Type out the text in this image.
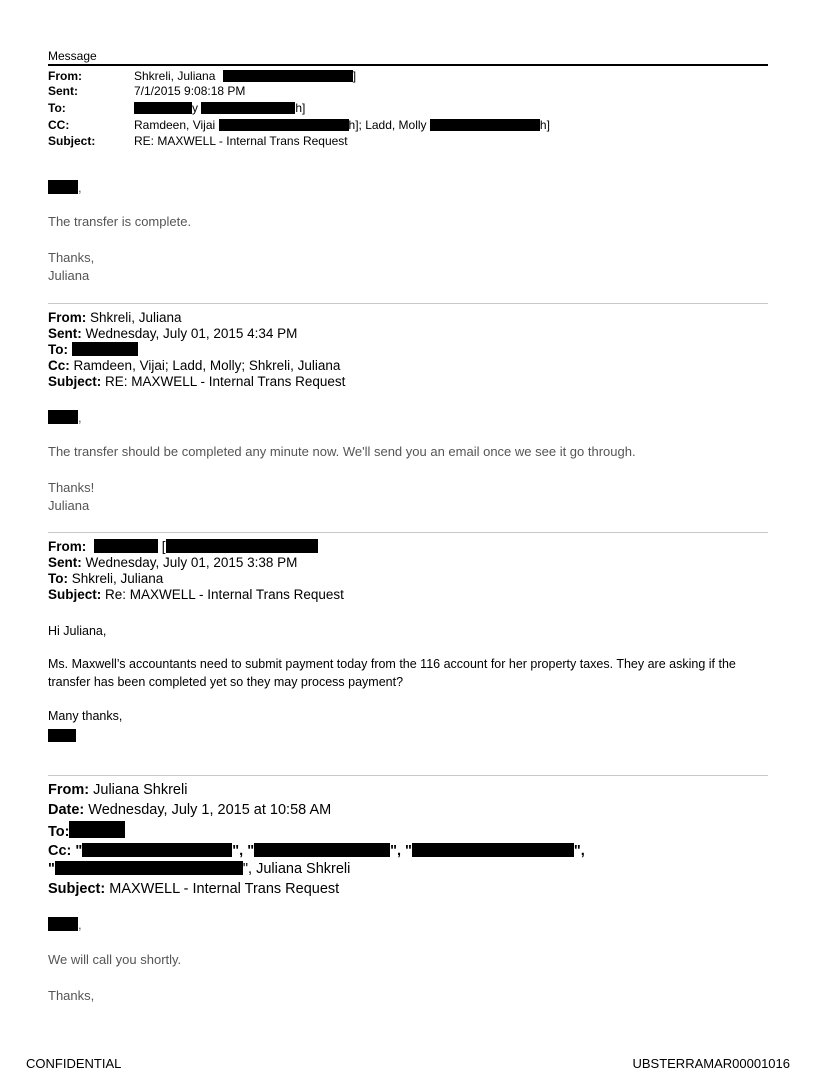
Message
From:	Shkreli, Juliana	]
Sent:	7/1/2015 9:08:18 PM
To:	y	h]
CC:	Ramdeen, Vijai	h]; Ladd, Molly	h]
Subject:	RE: MAXWELL - Internal Trans Request
,
The transfer is complete.
Thanks,
Juliana
From: Shkreli, Juliana
Sent: Wednesday, July 01, 2015 4:34 PM
To:
Cc: Ramdeen, Vijai; Ladd, Molly; Shkreli, Juliana
Subject: RE: MAXWELL - Internal Trans Request
,
The transfer should be completed any minute now. We'll send you an email once we see it go through.
Thanks!
Juliana
From:	[
Sent: Wednesday, July 01, 2015 3:38 PM
To: Shkreli, Juliana
Subject: Re: MAXWELL - Internal Trans Request
Hi Juliana,
Ms. Maxwell’s accountants need to submit payment today from the 116 account for her property taxes. They are asking if the
transfer has been completed yet so they may process payment?
Many thanks,
From: Juliana Shkreli
Date: Wednesday, July 1, 2015 at 10:58 AM
To:
Cc: "	", "	", "	",
"	", Juliana Shkreli
Subject: MAXWELL - Internal Trans Request
,
We will call you shortly.
Thanks,
CONFIDENTIAL	UBSTERRAMAR00001016
